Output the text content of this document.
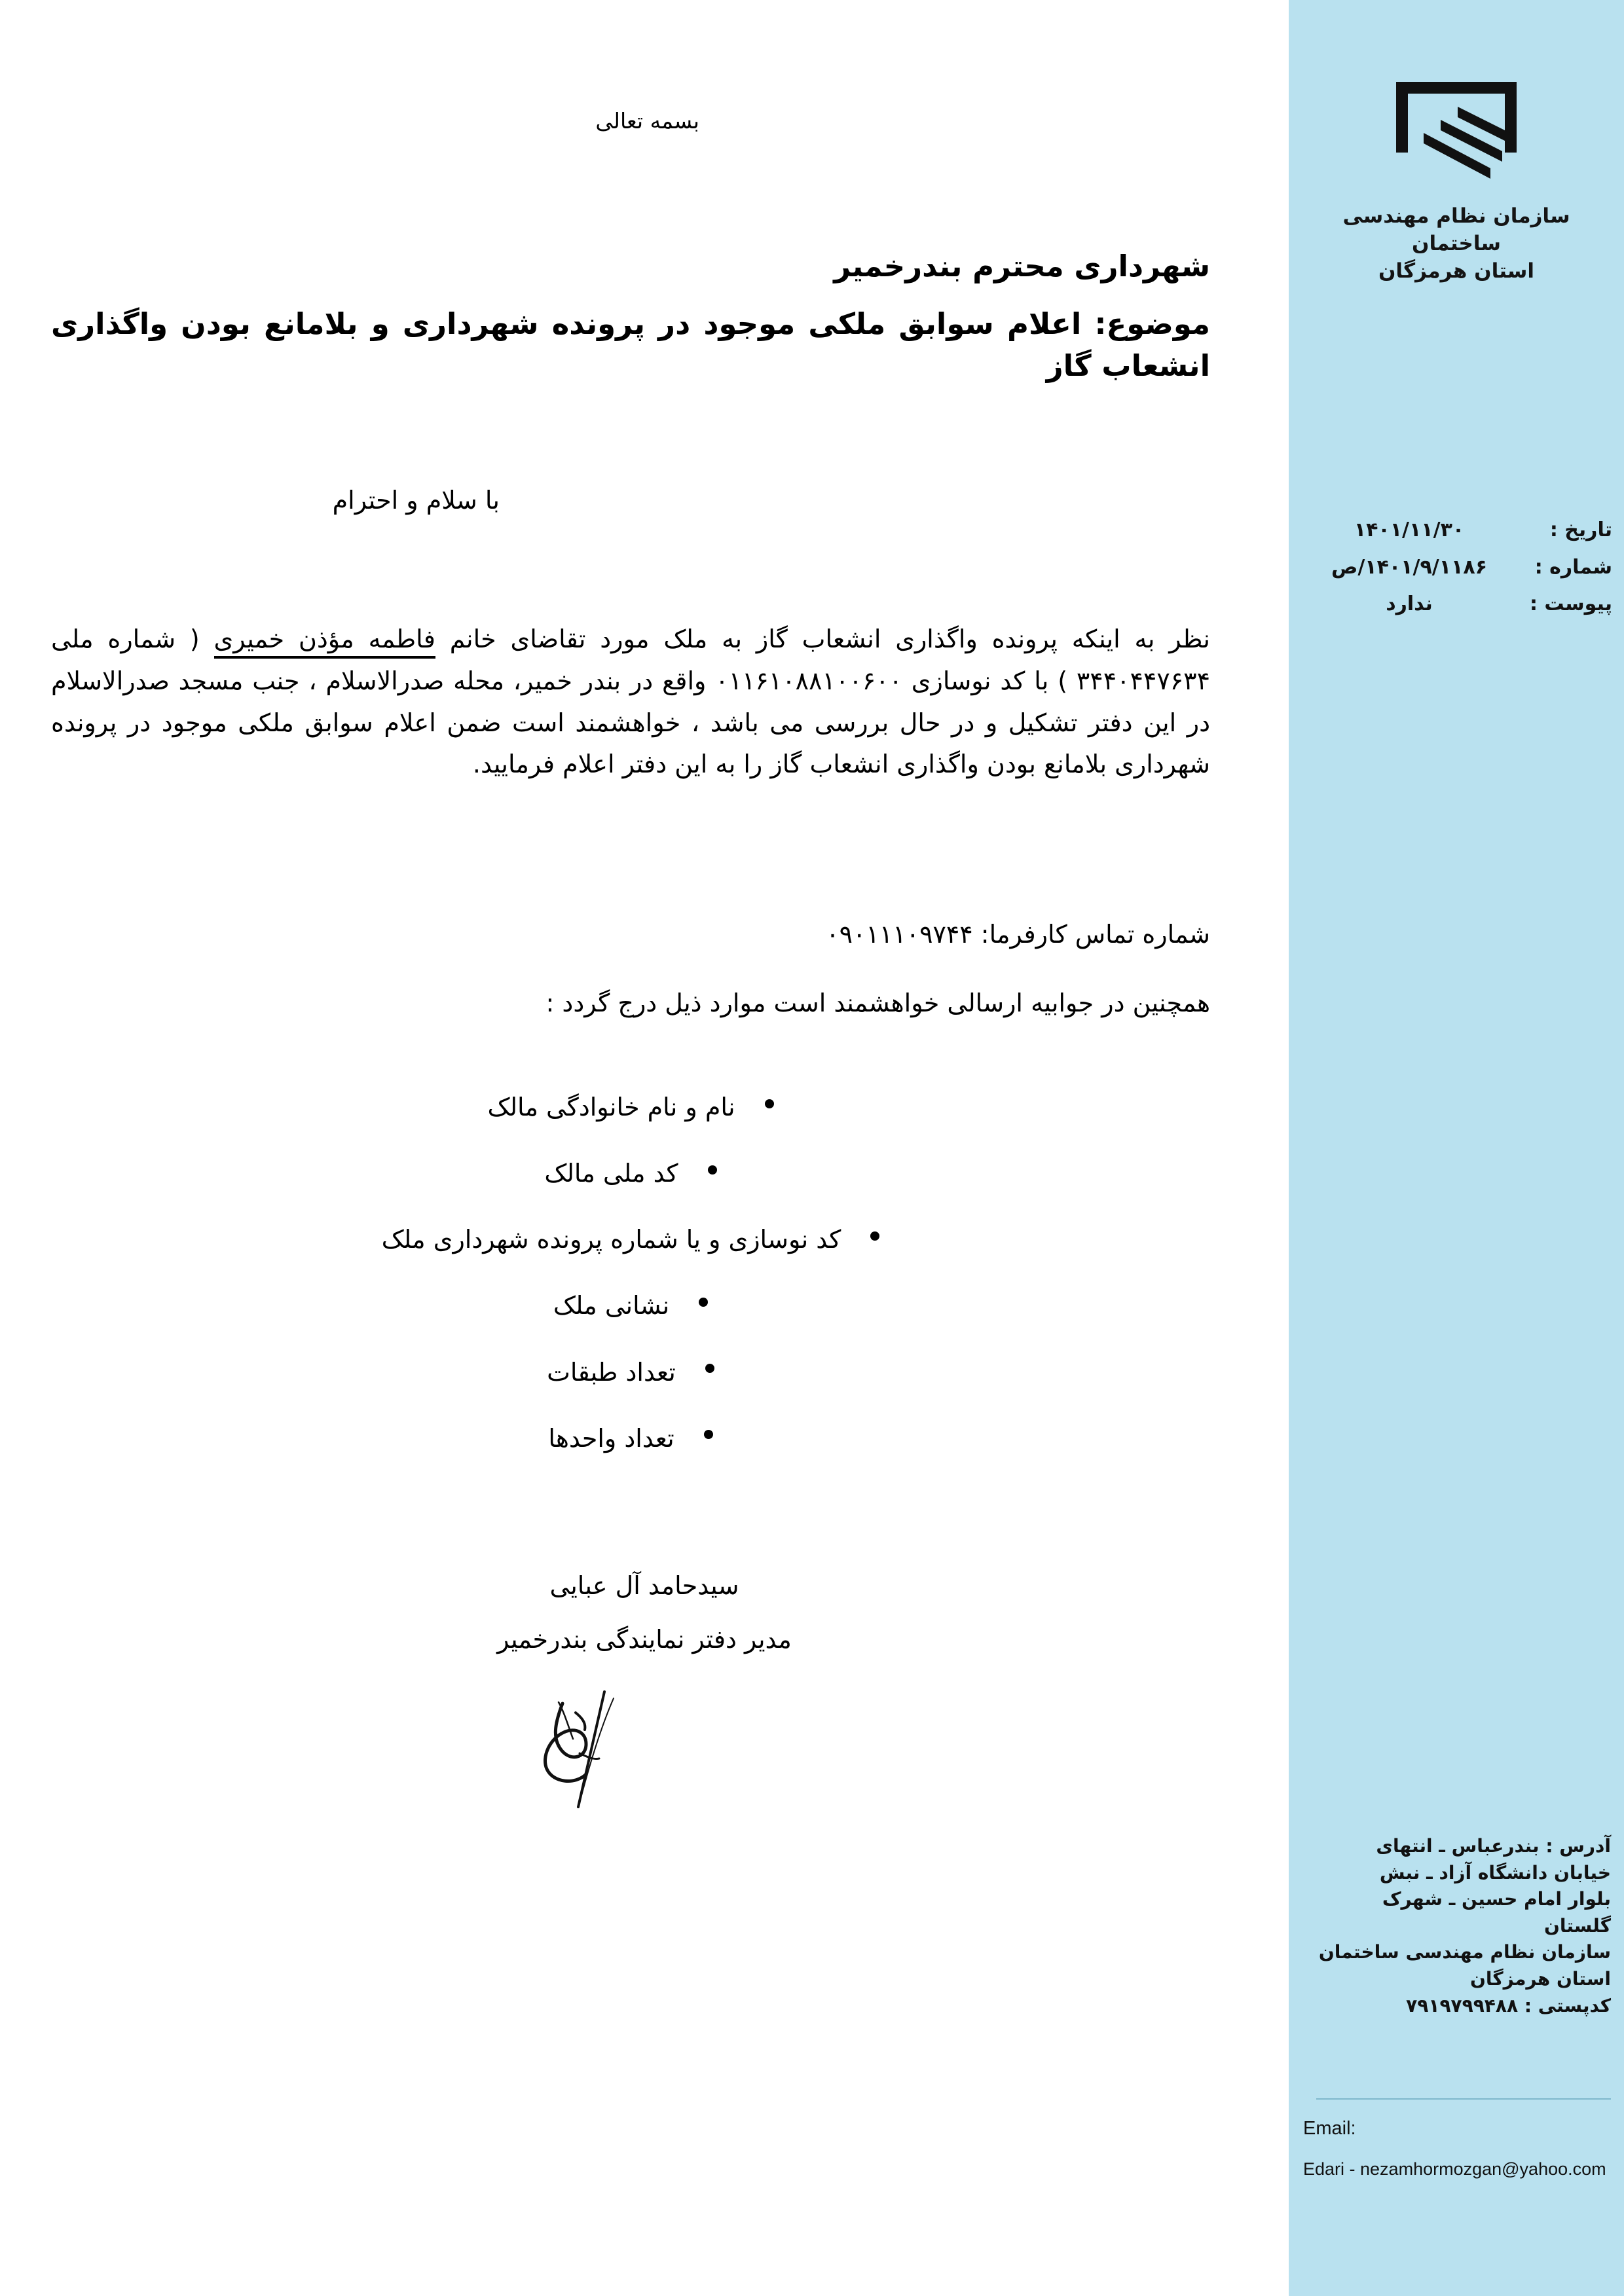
بسمه تعالی
شهرداری محترم بندرخمیر
موضوع: اعلام سوابق ملکی موجود در پرونده شهرداری و بلامانع بودن واگذاری انشعاب گاز
با سلام و احترام
نظر به اینکه پرونده واگذاری انشعاب گاز به ملک مورد تقاضای خانم فاطمه مؤذن خمیری ( شماره ملی ۳۴۴۰۴۴۷۶۳۴ ) با کد نوسازی ۰۱۱۶۱۰۸۸۱۰۰۶۰۰ واقع در بندر خمیر، محله صدرالاسلام ، جنب مسجد صدرالاسلام در این دفتر تشکیل و در حال بررسی می باشد ، خواهشمند است ضمن اعلام سوابق ملکی موجود در پرونده شهرداری بلامانع بودن واگذاری انشعاب گاز را به این دفتر اعلام فرمایید.
شماره تماس کارفرما: ۰۹۰۱۱۱۰۹۷۴۴
همچنین در جوابیه ارسالی خواهشمند است موارد ذیل درج گردد :
نام و نام خانوادگی مالک
کد ملی مالک
کد نوسازی و یا شماره پرونده شهرداری ملک
نشانی ملک
تعداد طبقات
تعداد واحدها
سیدحامد آل عبایی
مدیر دفتر نمایندگی بندرخمیر
سازمان نظام مهندسی ساختمان
استان هرمزگان
تاریخ :
۱۴۰۱/۱۱/۳۰
شماره :
۱۴۰۱/۹/۱۱۸۶/ص
پیوست :
ندارد
آدرس : بندرعباس ـ انتهای
خیابان دانشگاه آزاد ـ نبش
بلوار امام حسین ـ شهرک
گلستان
سازمان نظام مهندسی ساختمان
استان هرمزگان
کدپستی : ۷۹۱۹۷۹۹۴۸۸
Email:
Edari - nezamhormozgan@yahoo.com
